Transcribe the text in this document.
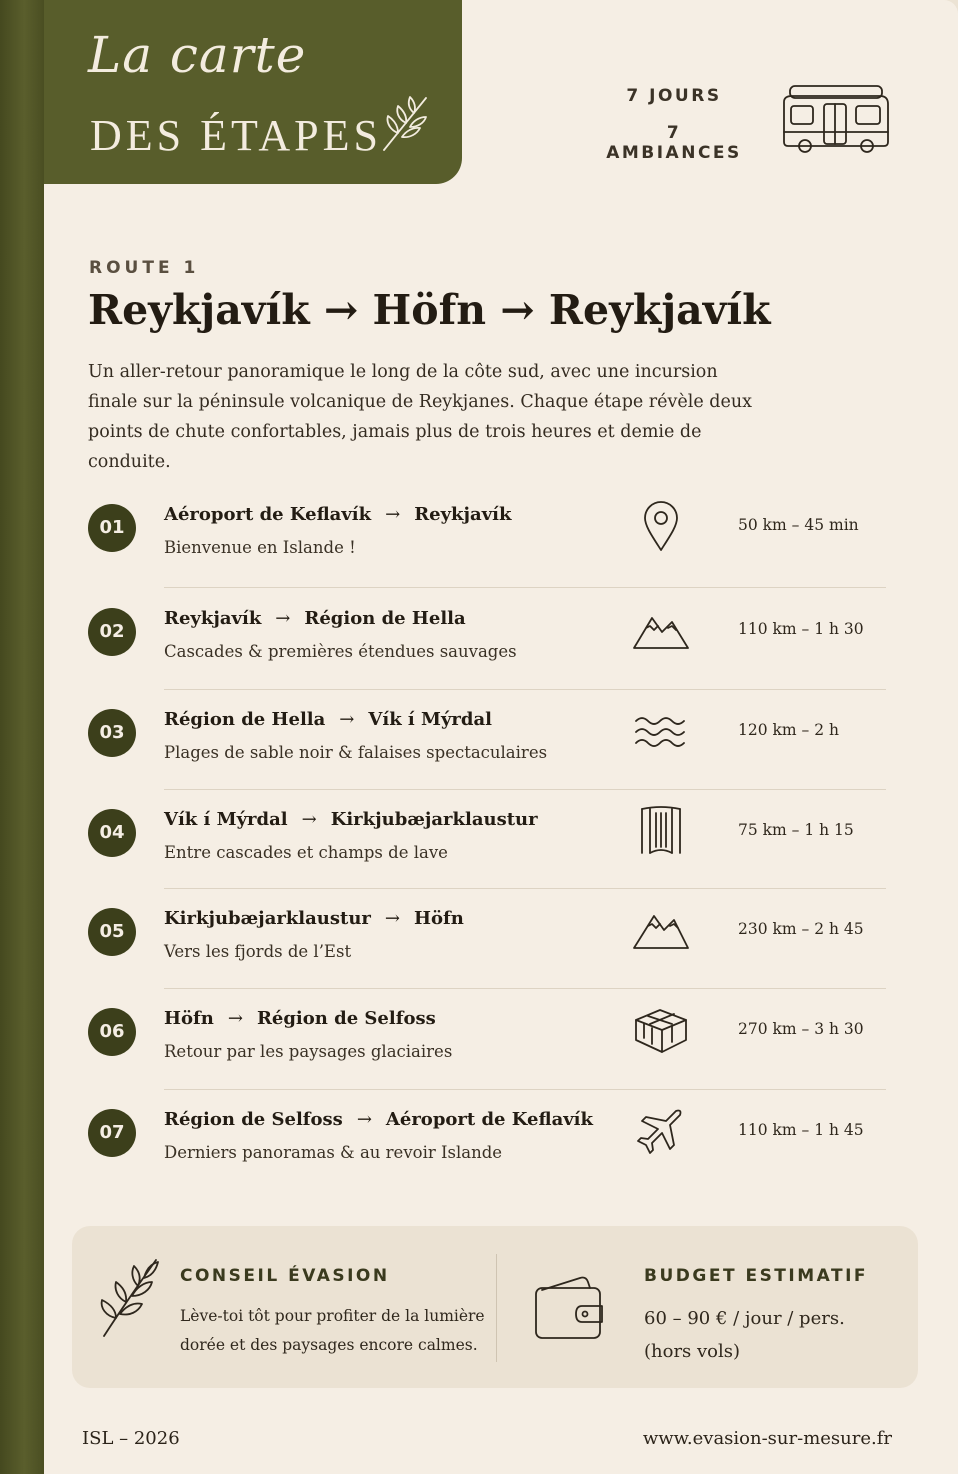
La carte
DES ÉTAPES
7 JOURS
7 AMBIANCES
ROUTE 1
Reykjavík → Höfn → Reykjavík

Un aller-retour panoramique le long de la côte sud, avec une incursion finale sur la péninsule volcanique de Reykjanes. Chaque étape révèle deux points de chute confortables, jamais plus de trois heures et demie de conduite.

01
Aéroport de Keflavík → Reykjavík
Bienvenue en Islande !
50 km – 45 min
02
Reykjavík → Région de Hella
Cascades & premières étendues sauvages
110 km – 1 h 30
03
Région de Hella → Vík í Mýrdal
Plages de sable noir & falaises spectaculaires
120 km – 2 h
04
Vík í Mýrdal → Kirkjubæjarklaustur
Entre cascades et champs de lave
75 km – 1 h 15
05
Kirkjubæjarklaustur → Höfn
Vers les fjords de l’Est
230 km – 2 h 45
06
Höfn → Région de Selfoss
Retour par les paysages glaciaires
270 km – 3 h 30
07
Région de Selfoss → Aéroport de Keflavík
Derniers panoramas & au revoir Islande
110 km – 1 h 45
CONSEIL ÉVASION
Lève-toi tôt pour profiter de la lumière dorée et des paysages encore calmes.
BUDGET ESTIMATIF
60 – 90 € / jour / pers.
(hors vols)
ISL – 2026	www.evasion-sur-mesure.fr
